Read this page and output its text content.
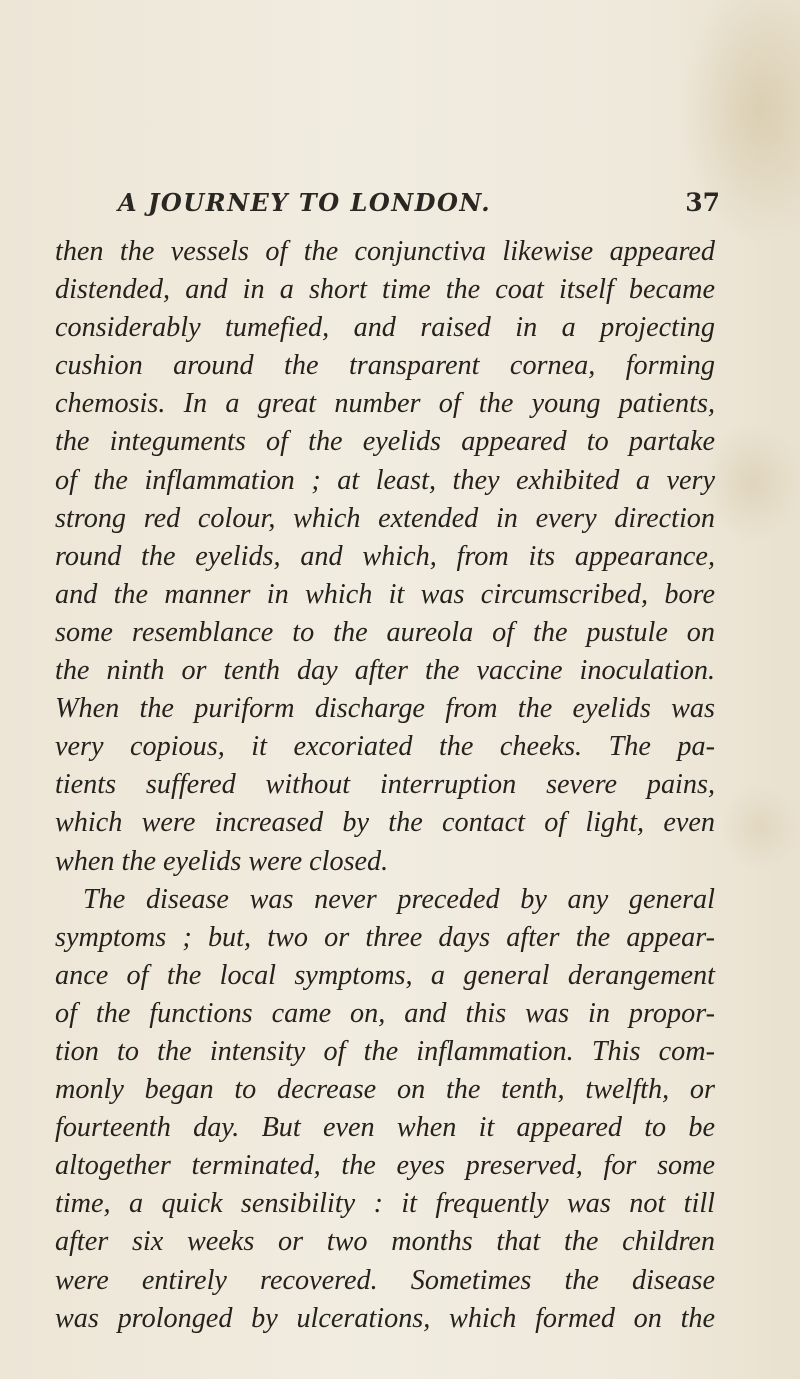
A JOURNEY TO LONDON.	37
then the vessels of the conjunctiva likewise appeared
distended, and in a short time the coat itself became
considerably tumefied, and raised in a projecting
cushion around the transparent cornea, forming
chemosis. In a great number of the young patients,
the integuments of the eyelids appeared to partake
of the inflammation ; at least, they exhibited a very
strong red colour, which extended in every direction
round the eyelids, and which, from its appearance,
and the manner in which it was circumscribed, bore
some resemblance to the aureola of the pustule on
the ninth or tenth day after the vaccine inoculation.
When the puriform discharge from the eyelids was
very copious, it excoriated the cheeks. The pa-
tients suffered without interruption severe pains,
which were increased by the contact of light, even
when the eyelids were closed.
The disease was never preceded by any general
symptoms ; but, two or three days after the appear-
ance of the local symptoms, a general derangement
of the functions came on, and this was in propor-
tion to the intensity of the inflammation. This com-
monly began to decrease on the tenth, twelfth, or
fourteenth day. But even when it appeared to be
altogether terminated, the eyes preserved, for some
time, a quick sensibility : it frequently was not till
after six weeks or two months that the children
were entirely recovered. Sometimes the disease
was prolonged by ulcerations, which formed on the
